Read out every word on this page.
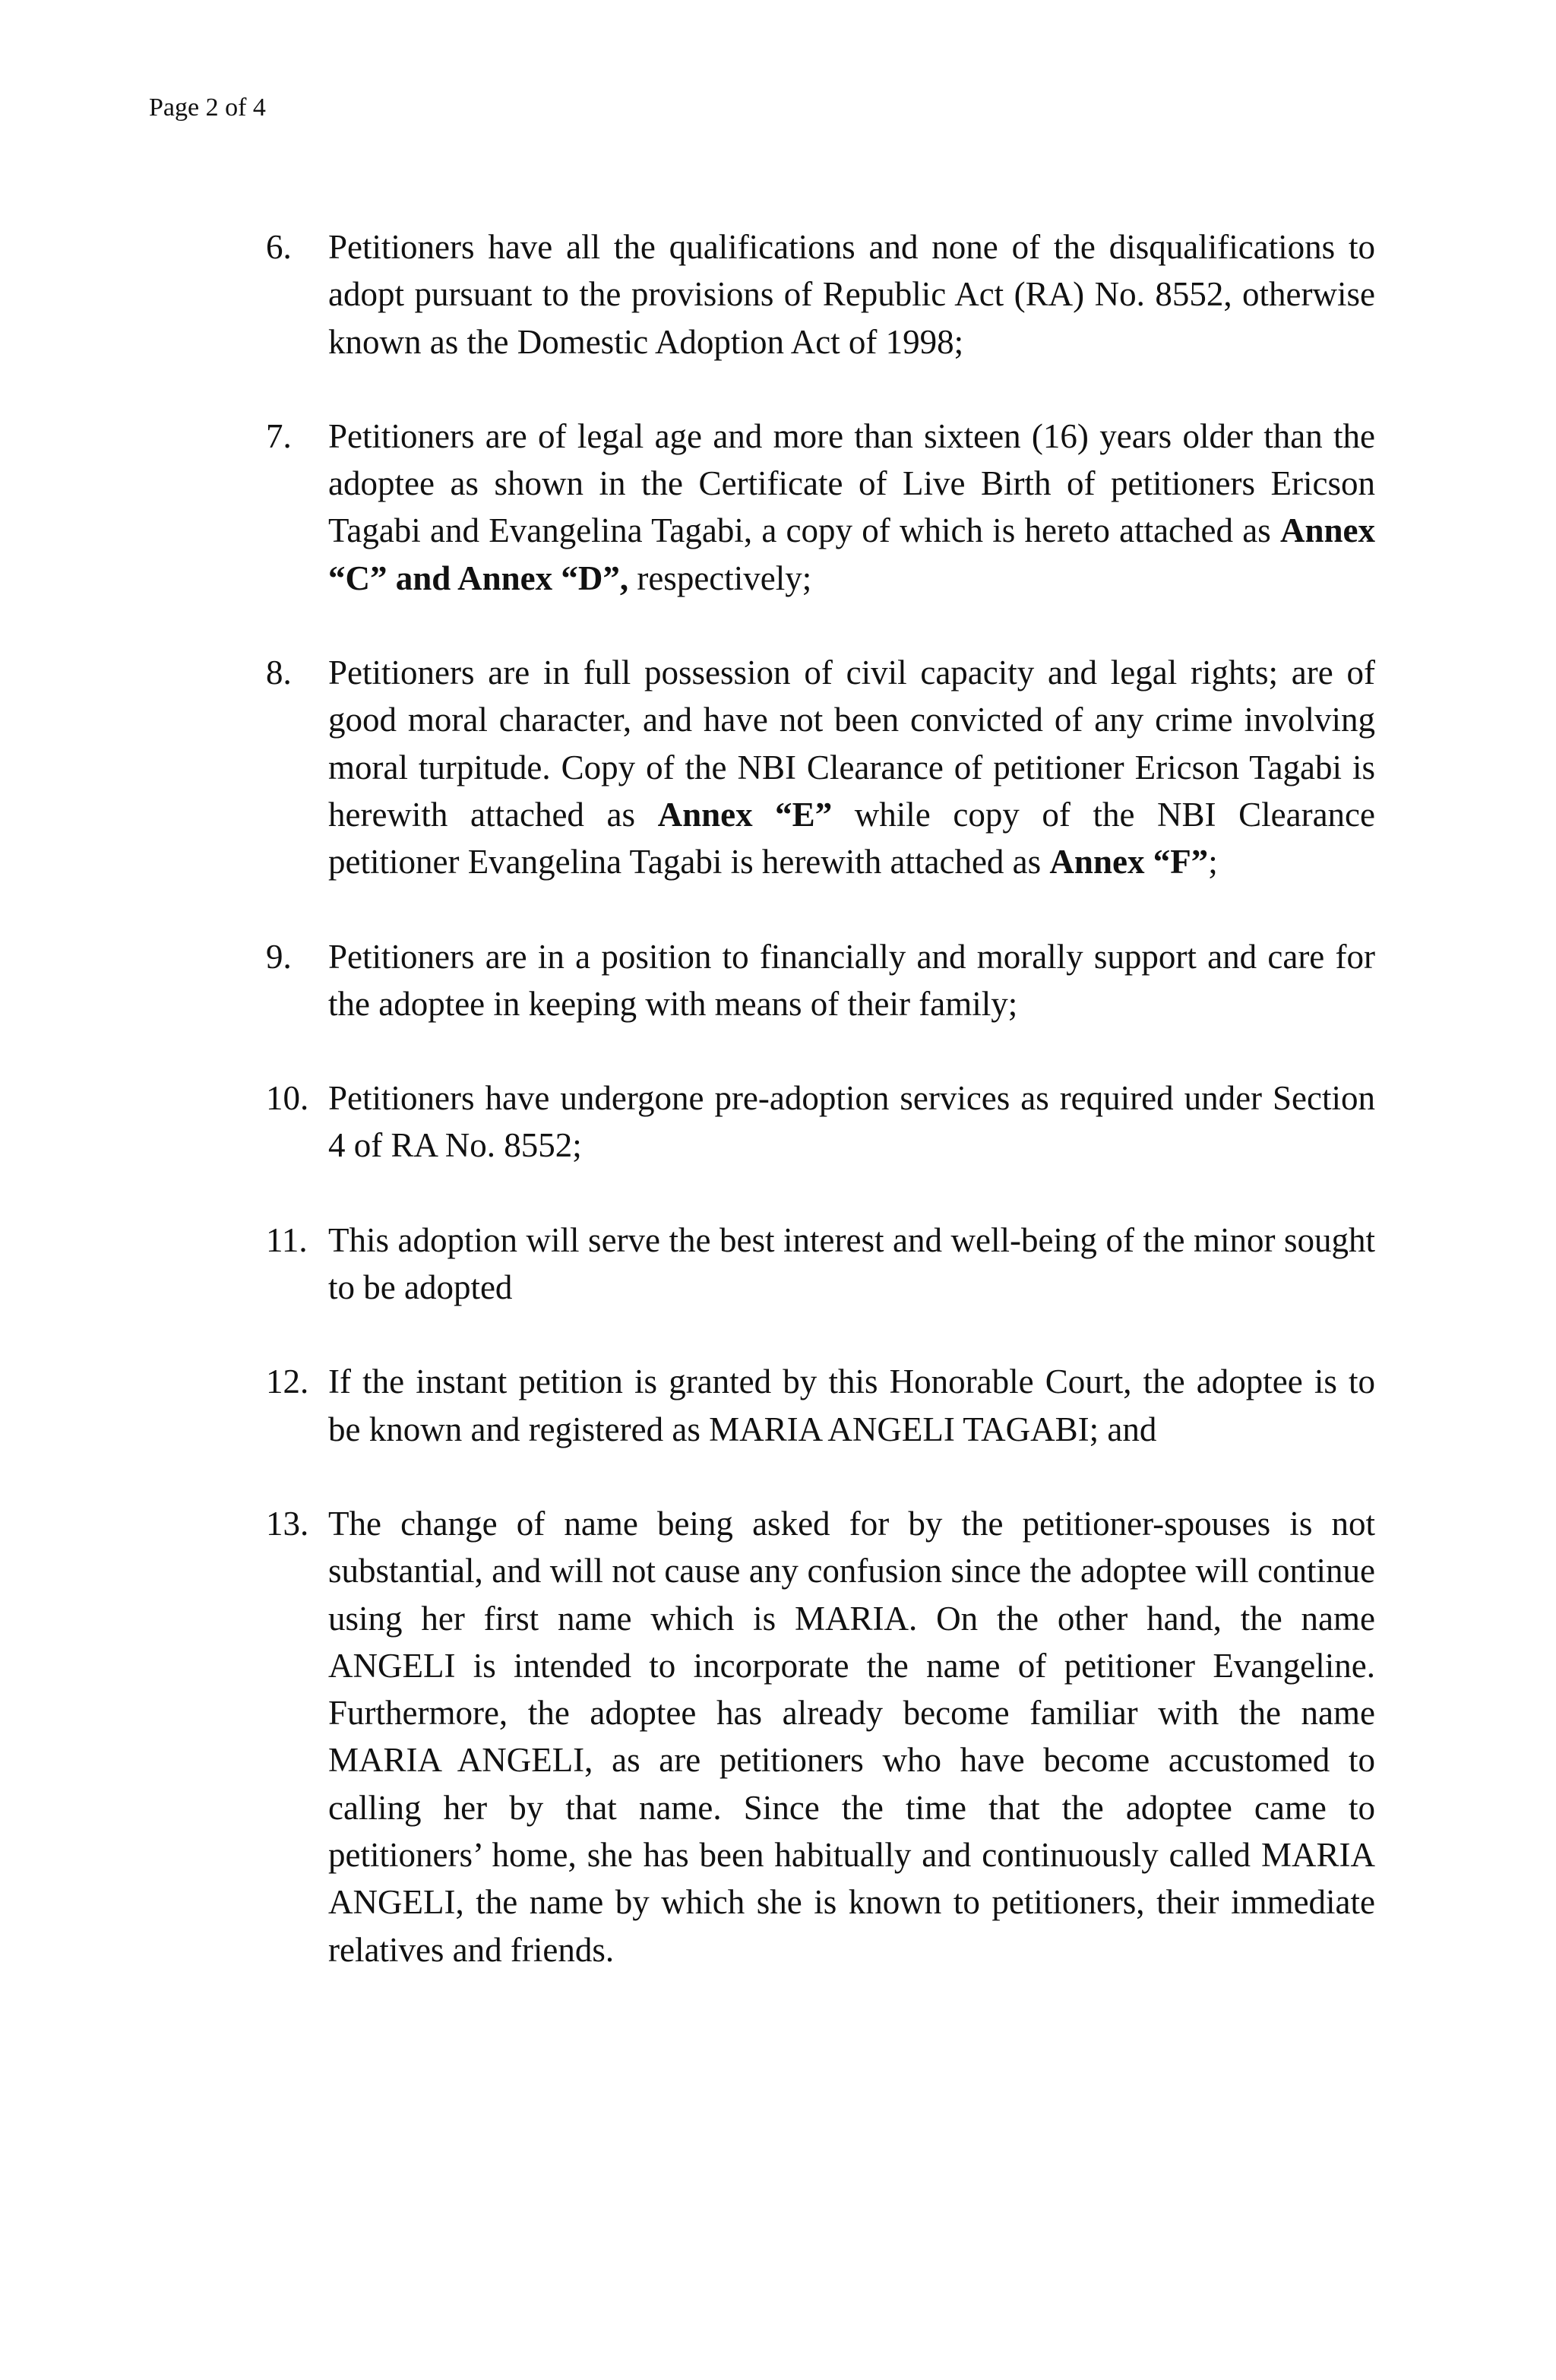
Page 2 of 4
6. Petitioners have all the qualifications and none of the disqualifications to adopt pursuant to the provisions of Republic Act (RA) No. 8552, otherwise known as the Domestic Adoption Act of 1998;
7. Petitioners are of legal age and more than sixteen (16) years older than the adoptee as shown in the Certificate of Live Birth of petitioners Ericson Tagabi and Evangelina Tagabi, a copy of which is hereto attached as Annex “C” and Annex “D”, respectively;
8. Petitioners are in full possession of civil capacity and legal rights; are of good moral character, and have not been convicted of any crime involving moral turpitude. Copy of the NBI Clearance of petitioner Ericson Tagabi is herewith attached as Annex “E” while copy of the NBI Clearance petitioner Evangelina Tagabi is herewith attached as Annex “F”;
9. Petitioners are in a position to financially and morally support and care for the adoptee in keeping with means of their family;
10. Petitioners have undergone pre-adoption services as required under Section 4 of RA No. 8552;
11. This adoption will serve the best interest and well-being of the minor sought to be adopted
12. If the instant petition is granted by this Honorable Court, the adoptee is to be known and registered as MARIA ANGELI TAGABI; and
13. The change of name being asked for by the petitioner-spouses is not substantial, and will not cause any confusion since the adoptee will continue using her first name which is MARIA. On the other hand, the name ANGELI is intended to incorporate the name of petitioner Evangeline. Furthermore, the adoptee has already become familiar with the name MARIA ANGELI, as are petitioners who have become accustomed to calling her by that name. Since the time that the adoptee came to petitioners’ home, she has been habitually and continuously called MARIA ANGELI, the name by which she is known to petitioners, their immediate relatives and friends.
